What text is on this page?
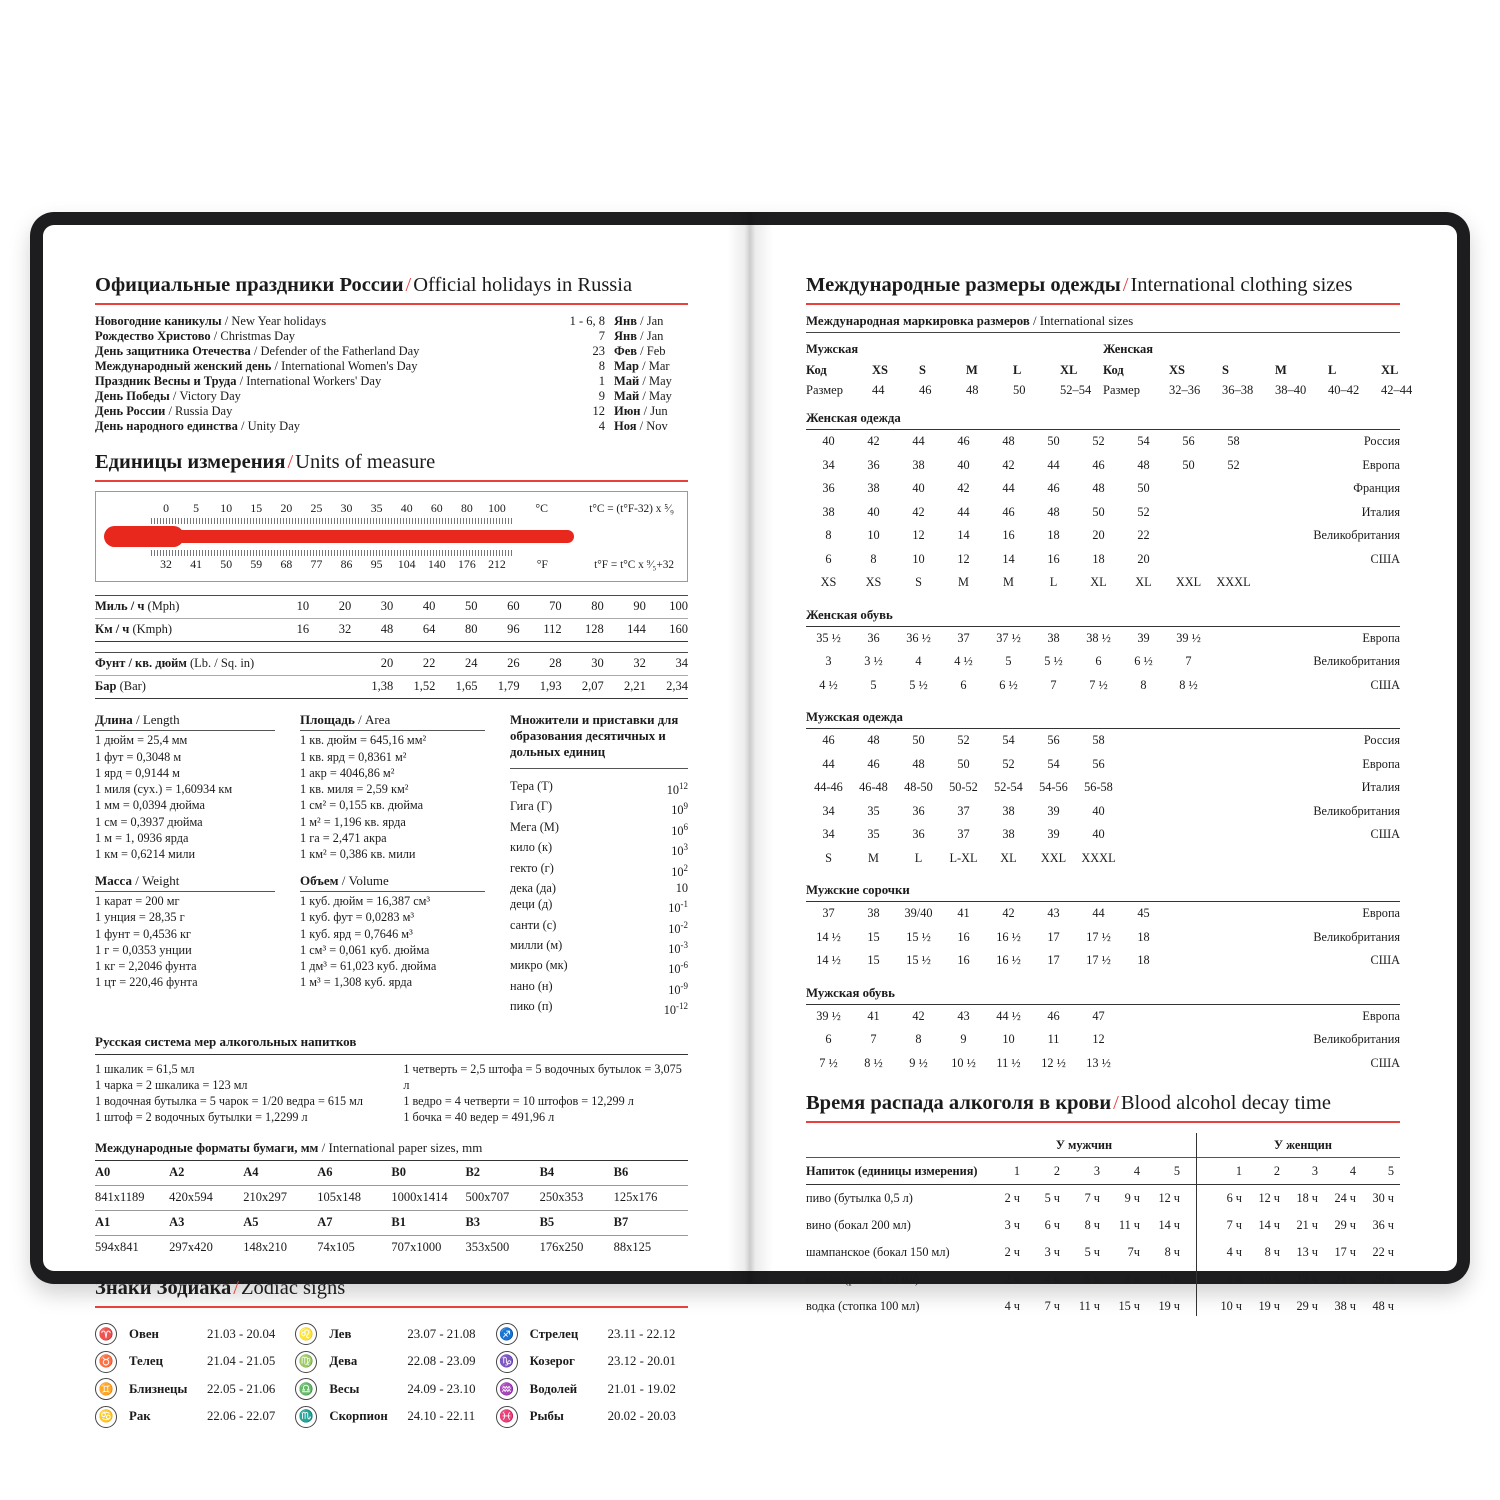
Официальные праздники России/Official holidays in Russia
Новогодние каникулы / New Year holidays	1 - 6, 8 Янв / Jan
Рождество Христово / Christmas Day	7 Янв / Jan
День защитника Отечества / Defender of the Fatherland Day	23 Фев / Feb
Международный женский день / International Women's Day	8 Мар / Mar
Праздник Весны и Труда / International Workers' Day	1 Май / May
День Победы / Victory Day	9 Май / May
День России / Russia Day	12 Июн / Jun
День народного единства / Unity Day	4 Ноя / Nov
Единицы измерения/Units of measure
0	5	10	15	20	25	30	35	40	60	80	100	°C	t°C = (t°F-32) x ⁵⁄₉
32	41	50	59	68	77	86	95	104	140	176	212	°F	t°F = t°C x ⁹⁄₅+32
Миль / ч (Mph)	10	20	30	40	50	60	70	80	90	100
Км / ч (Kmph)	16	32	48	64	80	96	112	128	144	160
Фунт / кв. дюйм (Lb. / Sq. in)	20	22	24	26	28	30	32	34
Бар (Bar)	1,38	1,52	1,65	1,79	1,93	2,07	2,21	2,34
Длина / Length
1 дюйм = 25,4 мм
1 фут = 0,3048 м
1 ярд = 0,9144 м
1 миля (сух.) = 1,60934 км
1 мм = 0,0394 дюйма
1 см = 0,3937 дюйма
1 м = 1, 0936 ярда
1 км = 0,6214 мили
Масса / Weight
1 карат = 200 мг
1 унция = 28,35 г
1 фунт = 0,4536 кг
1 г = 0,0353 унции
1 кг = 2,2046 фунта
1 цт = 220,46 фунта
Площадь / Area
1 кв. дюйм = 645,16 мм²
1 кв. ярд = 0,8361 м²
1 акр = 4046,86 м²
1 кв. миля = 2,59 км²
1 см² = 0,155 кв. дюйма
1 м² = 1,196 кв. ярда
1 га = 2,471 акра
1 км² = 0,386 кв. мили
Объем / Volume
1 куб. дюйм = 16,387 см³
1 куб. фут = 0,0283 м³
1 куб. ярд = 0,7646 м³
1 см³ = 0,061 куб. дюйма
1 дм³ = 61,023 куб. дюйма
1 м³ = 1,308 куб. ярда
Множители и приставки для образования десятичных и дольных единиц
Тера (Т)	$10^{12}$
Гига (Г)	$10^9$
Мега (М)	$10^6$
кило (к)	$10^3$
гекто (г)	$10^2$
дека (да)	10
деци (д)	$10^{-1}$
санти (с)	$10^{-2}$
милли (м)	$10^{-3}$
микро (мк)	$10^{-6}$
нано (н)	$10^{-9}$
пико (п)	$10^{-12}$
Русская система мер алкогольных напитков
1 шкалик = 61,5 мл
1 чарка = 2 шкалика = 123 мл
1 водочная бутылка = 5 чарок = 1/20 ведра = 615 мл
1 штоф = 2 водочных бутылки = 1,2299 л
1 четверть = 2,5 штофа = 5 водочных бутылок = 3,075 л
1 ведро = 4 четверти = 10 штофов = 12,299 л
1 бочка = 40 ведер = 491,96 л
Международные форматы бумаги, мм / International paper sizes, mm
A0	A2	A4	A6	B0	B2	B4	B6
841x1189	420x594	210x297	105x148	1000x1414	500x707	250x353	125x176
A1	A3	A5	A7	B1	B3	B5	B7
594x841	297x420	148x210	74x105	707x1000	353x500	176x250	88x125
Знаки Зодиака/Zodiac signs
♈ Овен	21.03 - 20.04
♉ Телец	21.04 - 21.05
♊ Близнецы	22.05 - 21.06
♋ Рак	22.06 - 22.07
♌ Лев	23.07 - 21.08
♍ Дева	22.08 - 23.09
♎ Весы	24.09 - 23.10
♏ Скорпион	24.10 - 22.11
♐ Стрелец	23.11 - 22.12
♑ Козерог	23.12 - 20.01
♒ Водолей	21.01 - 19.02
♓ Рыбы	20.02 - 20.03
Международные размеры одежды/International clothing sizes
Международная маркировка размеров / International sizes
Мужская
Код	XS	S	M	L	XL
Размер	44	46	48	50	52–54
Женская
Код	XS	S	M	L	XL
Размер	32–36	36–38	38–40	40–42	42–44
Женская одежда
40	42	44	46	48	50	52	54	56	58	Россия
34	36	38	40	42	44	46	48	50	52	Европа
36	38	40	42	44	46	48	50	Франция
38	40	42	44	46	48	50	52	Италия
8	10	12	14	16	18	20	22	Великобритания
6	8	10	12	14	16	18	20	США
XS	XS	S	M	M	L	XL	XL	XXL	XXXL
Женская обувь
35 ½	36	36 ½	37	37 ½	38	38 ½	39	39 ½	Европа
3	3 ½	4	4 ½	5	5 ½	6	6 ½	7	Великобритания
4 ½	5	5 ½	6	6 ½	7	7 ½	8	8 ½	США
Мужская одежда
46	48	50	52	54	56	58	Россия
44	46	48	50	52	54	56	Европа
44-46	46-48	48-50	50-52	52-54	54-56	56-58	Италия
34	35	36	37	38	39	40	Великобритания
34	35	36	37	38	39	40	США
S	M	L	L-XL	XL	XXL	XXXL
Мужские сорочки
37	38	39/40	41	42	43	44	45	Европа
14 ½	15	15 ½	16	16 ½	17	17 ½	18	Великобритания
14 ½	15	15 ½	16	16 ½	17	17 ½	18	США
Мужская обувь
39 ½	41	42	43	44 ½	46	47	Европа
6	7	8	9	10	11	12	Великобритания
7 ½	8 ½	9 ½	10 ½	11 ½	12 ½	13 ½	США
Время распада алкоголя в крови/Blood alcohol decay time
У мужчин	У женщин
Напиток (единицы измерения)	1	2	3	4	5	1	2	3	4	5
пиво (бутылка 0,5 л)	2 ч	5 ч	7 ч	9 ч	12 ч	6 ч	12 ч	18 ч	24 ч	30 ч
вино (бокал 200 мл)	3 ч	6 ч	8 ч	11 ч	14 ч	7 ч	14 ч	21 ч	29 ч	36 ч
шампанское (бокал 150 мл)	2 ч	3 ч	5 ч	7ч	8 ч	4 ч	8 ч	13 ч	17 ч	22 ч
коньяк (рюмка 50 мл)	2 ч	4 ч	6 ч	8 ч	10 ч	5 ч	10 ч	13 ч	21 ч	26 ч
водка (стопка 100 мл)	4 ч	7 ч	11 ч	15 ч	19 ч	10 ч	19 ч	29 ч	38 ч	48 ч
